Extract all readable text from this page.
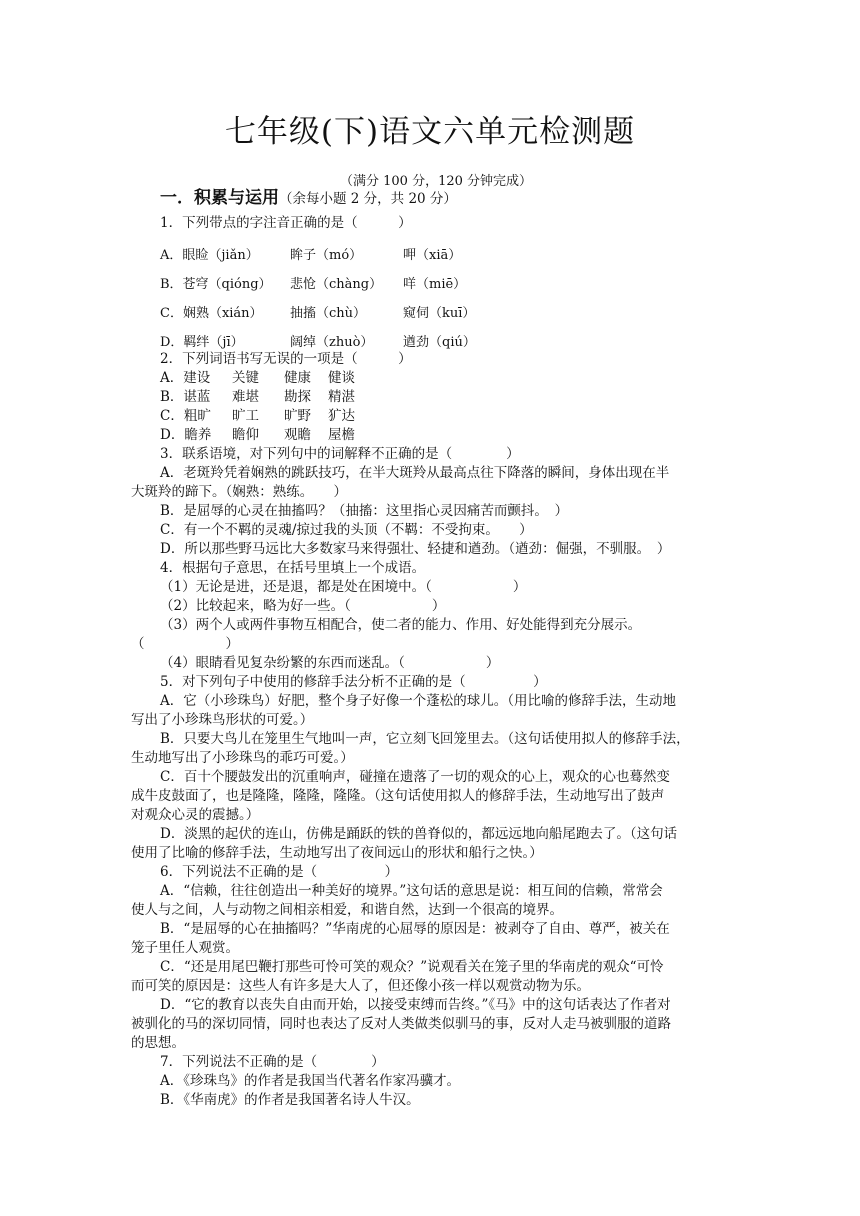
七年级(下)语文六单元检测题
（满分 100 分，120 分钟完成）
一．积累与运用（余每小题 2 分，共 20 分）
1．下列带点的字注音正确的是（　　　）
A．眼睑（jiǎn） 眸子（mó）	呷（xiā）
B．苍穹（qióng） 悲怆（chàng） 咩（miē）
C．娴熟（xián） 抽搐（chù）	窥伺（kuī）
D．羁绊（jī）	阔绰（zhuò） 遒劲（qiú）
2．下列词语书写无误的一项是（　　　）
A．建设 关键 健康 健谈
B．谌蓝 难堪 勘探 精湛
C．粗旷 旷工 旷野 犷达
D．瞻养 瞻仰 观瞻 屋檐
3．联系语境，对下列句中的词解释不正确的是（　　　　）
A．老斑羚凭着娴熟的跳跃技巧，在半大斑羚从最高点往下降落的瞬间，身体出现在半
大斑羚的蹄下。（娴熟：熟练。　　）
B．是屈辱的心灵在抽搐吗？（抽搐：这里指心灵因痛苦而颤抖。　）
C．有一个不羁的灵魂/掠过我的头顶（不羁：不受拘束。　　）
D．所以那些野马远比大多数家马来得强壮、轻捷和遒劲。（遒劲：倔强，不驯服。　）
4．根据句子意思，在括号里填上一个成语。
（1）无论是进，还是退，都是处在困境中。（　　　　　　）
（2）比较起来，略为好一些。（　　　　　　）
（3）两个人或两件事物互相配合，使二者的能力、作用、好处能得到充分展示。
（　　　　　　）
（4）眼睛看见复杂纷繁的东西而迷乱。（　　　　　　）
5．对下列句子中使用的修辞手法分析不正确的是（　　　　　）
A．它（小珍珠鸟）好肥，整个身子好像一个蓬松的球儿。（用比喻的修辞手法，生动地
写出了小珍珠鸟形状的可爱。）
B．只要大鸟儿在笼里生气地叫一声，它立刻飞回笼里去。（这句话使用拟人的修辞手法，
生动地写出了小珍珠鸟的乖巧可爱。）
C．百十个腰鼓发出的沉重响声，碰撞在遗落了一切的观众的心上，观众的心也蓦然变
成牛皮鼓面了，也是隆隆，隆隆，隆隆。（这句话使用拟人的修辞手法，生动地写出了鼓声
对观众心灵的震撼。）
D．淡黑的起伏的连山，仿佛是踊跃的铁的兽脊似的，都远远地向船尾跑去了。（这句话
使用了比喻的修辞手法，生动地写出了夜间远山的形状和船行之快。）
6．下列说法不正确的是（　　　　　）
A．“信赖，往往创造出一种美好的境界。”这句话的意思是说：相互间的信赖，常常会
使人与之间，人与动物之间相亲相爱，和谐自然，达到一个很高的境界。
B．“是屈辱的心在抽搐吗？”华南虎的心屈辱的原因是：被剥夺了自由、尊严，被关在
笼子里任人观赏。
C．“还是用尾巴鞭打那些可怜可笑的观众？”说观看关在笼子里的华南虎的观众“可怜
而可笑的原因是：这些人有许多是大人了，但还像小孩一样以观赏动物为乐。
D．“它的教育以丧失自由而开始，以接受束缚而告终。”《马》中的这句话表达了作者对
被驯化的马的深切同情，同时也表达了反对人类做类似驯马的事，反对人走马被驯服的道路
的思想。
7．下列说法不正确的是（　　　　）
A．《珍珠鸟》的作者是我国当代著名作家冯骥才。
B．《华南虎》的作者是我国著名诗人牛汉。
